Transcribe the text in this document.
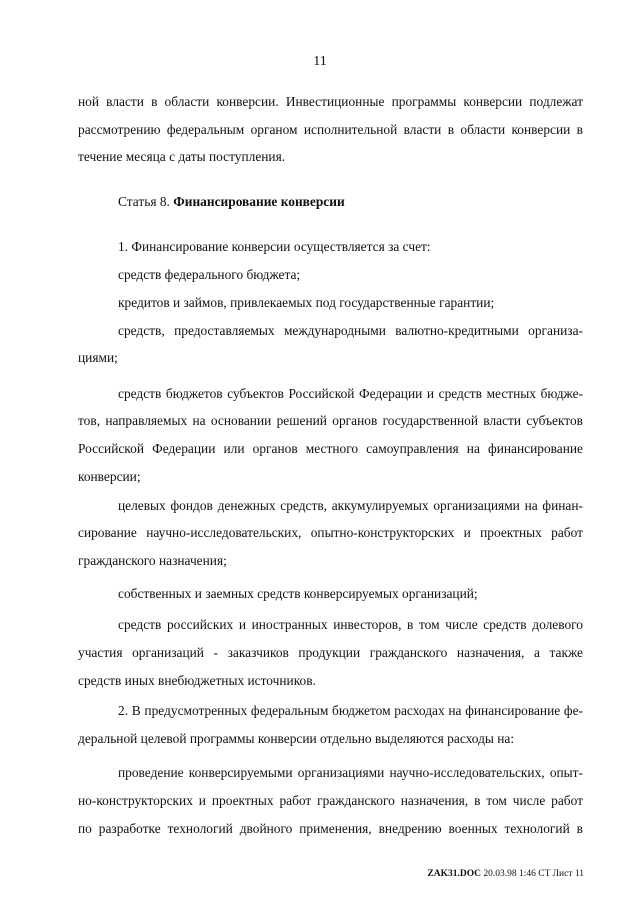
11
ной власти в области конверсии. Инвестиционные программы конверсии подлежат
рассмотрению федеральным органом исполнительной власти в области конверсии в
течение месяца с даты поступления.
Статья 8. Финансирование конверсии
1. Финансирование конверсии осуществляется за счет:
средств федерального бюджета;
кредитов и займов, привлекаемых под государственные гарантии;
средств, предоставляемых международными валютно-кредитными организа-
циями;
средств бюджетов субъектов Российской Федерации и средств местных бюдже-
тов, направляемых на основании решений органов государственной власти субъектов
Российской Федерации или органов местного самоуправления на финансирование
конверсии;
целевых фондов денежных средств, аккумулируемых организациями на финан-
сирование научно-исследовательских, опытно-конструкторских и проектных работ
гражданского назначения;
собственных и заемных средств конверсируемых организаций;
средств российских и иностранных инвесторов, в том числе средств долевого
участия организаций - заказчиков продукции гражданского назначения, а также
средств иных внебюджетных источников.
2. В предусмотренных федеральным бюджетом расходах на финансирование фе-
деральной целевой программы конверсии отдельно выделяются расходы на:
проведение конверсируемыми организациями научно-исследовательских, опыт-
но-конструкторских и проектных работ гражданского назначения, в том числе работ
по разработке технологий двойного применения, внедрению военных технологий в
ZAK31.DOC 20.03.98 1:46 CT Лист 11
